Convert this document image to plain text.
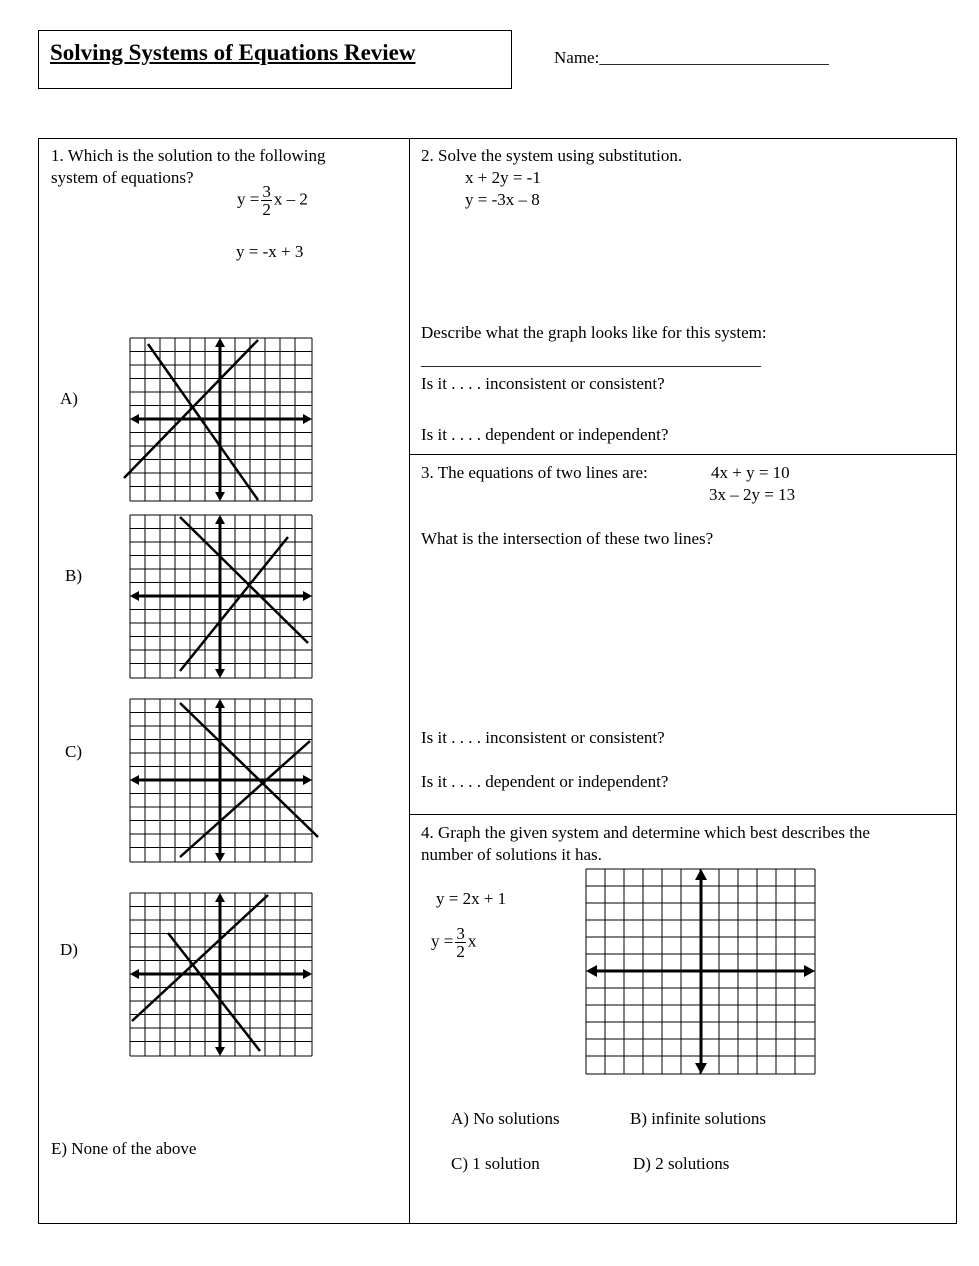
Solving Systems of Equations Review	Name:___________________________
1. Which is the solution to the following
system of equations?
$y = \frac{3}{2}$ x – 2
y = -x + 3
A)
B)
C)
D)
E) None of the above
2. Solve the system using substitution.
x + 2y = -1
y = -3x – 8
Describe what the graph looks like for this system:
________________________________________
Is it . . . . inconsistent or consistent?
Is it . . . . dependent or independent?
3. The equations of two lines are:	4x + y = 10
3x – 2y = 13
What is the intersection of these two lines?
Is it . . . . inconsistent or consistent?
Is it . . . . dependent or independent?
4. Graph the given system and determine which best describes the
number of solutions it has.
y = 2x + 1
$y = \frac{3}{2}$ x
A) No solutions	B) infinite solutions
C) 1 solution	D) 2 solutions
